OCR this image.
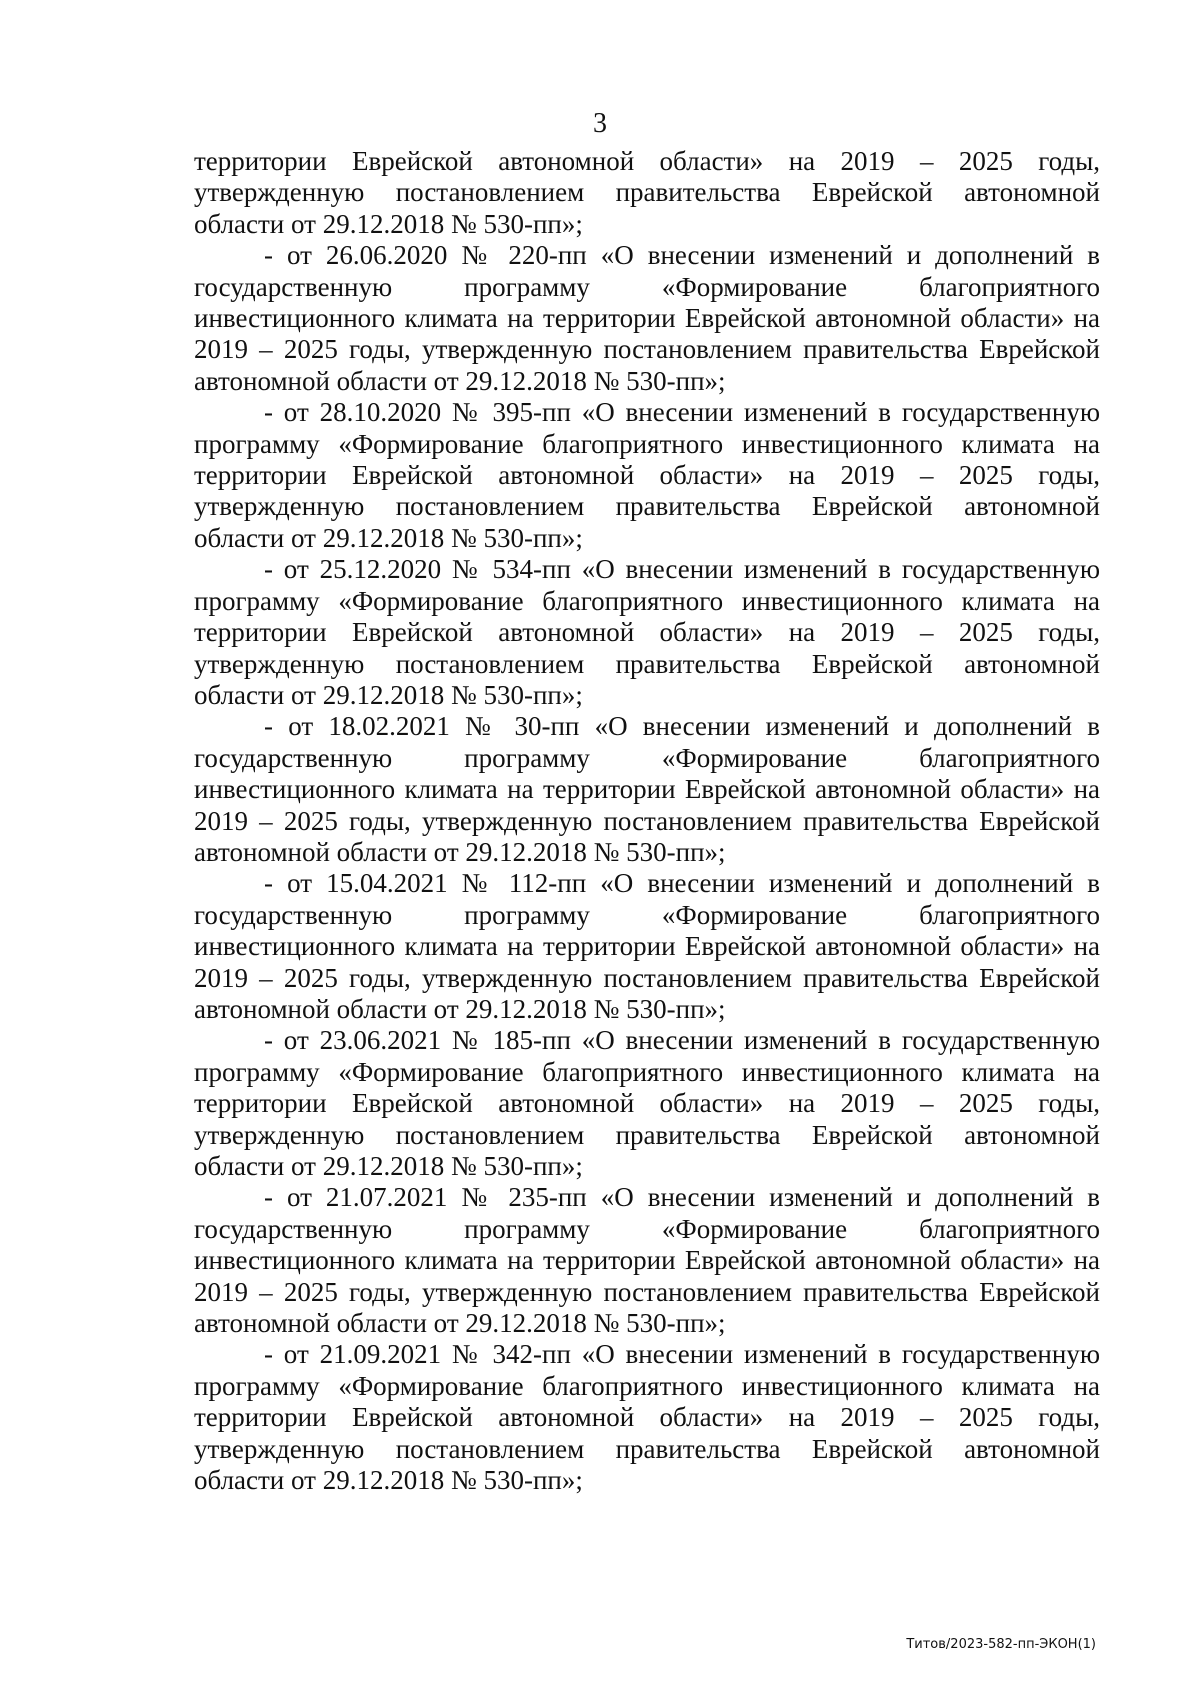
3
территории Еврейской автономной области» на 2019 – 2025 годы,
утвержденную постановлением правительства Еврейской автономной
области от 29.12.2018 № 530-пп»;
- от 26.06.2020 № 220-пп «О внесении изменений и дополнений в
государственную программу «Формирование благоприятного
инвестиционного климата на территории Еврейской автономной области» на
2019 – 2025 годы, утвержденную постановлением правительства Еврейской
автономной области от 29.12.2018 № 530-пп»;
- от 28.10.2020 № 395-пп «О внесении изменений в государственную
программу «Формирование благоприятного инвестиционного климата на
территории Еврейской автономной области» на 2019 – 2025 годы,
утвержденную постановлением правительства Еврейской автономной
области от 29.12.2018 № 530-пп»;
- от 25.12.2020 № 534-пп «О внесении изменений в государственную
программу «Формирование благоприятного инвестиционного климата на
территории Еврейской автономной области» на 2019 – 2025 годы,
утвержденную постановлением правительства Еврейской автономной
области от 29.12.2018 № 530-пп»;
- от 18.02.2021 № 30-пп «О внесении изменений и дополнений в
государственную программу «Формирование благоприятного
инвестиционного климата на территории Еврейской автономной области» на
2019 – 2025 годы, утвержденную постановлением правительства Еврейской
автономной области от 29.12.2018 № 530-пп»;
- от 15.04.2021 № 112-пп «О внесении изменений и дополнений в
государственную программу «Формирование благоприятного
инвестиционного климата на территории Еврейской автономной области» на
2019 – 2025 годы, утвержденную постановлением правительства Еврейской
автономной области от 29.12.2018 № 530-пп»;
- от 23.06.2021 № 185-пп «О внесении изменений в государственную
программу «Формирование благоприятного инвестиционного климата на
территории Еврейской автономной области» на 2019 – 2025 годы,
утвержденную постановлением правительства Еврейской автономной
области от 29.12.2018 № 530-пп»;
- от 21.07.2021 № 235-пп «О внесении изменений и дополнений в
государственную программу «Формирование благоприятного
инвестиционного климата на территории Еврейской автономной области» на
2019 – 2025 годы, утвержденную постановлением правительства Еврейской
автономной области от 29.12.2018 № 530-пп»;
- от 21.09.2021 № 342-пп «О внесении изменений в государственную
программу «Формирование благоприятного инвестиционного климата на
территории Еврейской автономной области» на 2019 – 2025 годы,
утвержденную постановлением правительства Еврейской автономной
области от 29.12.2018 № 530-пп»;
Титов/2023-582-пп-ЭКОН(1)
